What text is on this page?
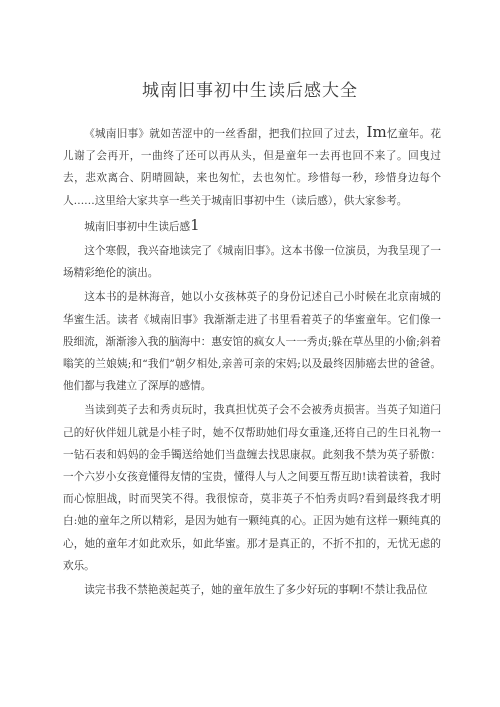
城南旧事初中生读后感大全

《城南旧事》就如苦涩中的一丝香甜，把我们拉回了过去，Im忆童年。花儿谢了会再开，一曲终了还可以再从头，但是童年一去再也回不来了。回曳过去，悲欢离合、阴晴圆缺，来也匆忙，去也匆忙。珍惜每一秒，珍惜身边每个人……这里给大家共享一些关于城南旧事初中生（读后感），供大家参考。

城南旧事初中生读后感1

这个寒假，我兴奋地读完了《城南旧事》。这本书像一位演员，为我呈现了一场精彩绝伦的演出。

这本书的是林海音，她以小女孩林英子的身份记述自己小时候在北京南城的华蜜生活。读者《城南旧事》我渐渐走进了书里看着英子的华蜜童年。它们像一股细流，渐渐渗入我的脑海中：惠安馆的疯女人一一秀贞;躲在草丛里的小偷;斜着嗡笑的兰娘姨;和“我们”朝夕相处,亲善可亲的宋妈;以及最终因肺癌去世的爸爸。他们都与我建立了深厚的感情。

当读到英子去和秀贞玩时，我真担忧英子会不会被秀贞损害。当英子知道闩己的好伙伴妞儿就是小桂子时，她不仅帮助她们母女重逢,还将自己的生日礼物一一钻石表和妈妈的金手镯送给她们当盘缠去找思康叔。此刻我不禁为英子骄傲：一个六岁小女孩竟懂得友情的宝贵，懂得人与人之间要互帮互助!读着读着，我时而心惊胆战，时而哭笑不得。我很惊奇，莫非英子不怕秀贞吗?看到最终我才明白:她的童年之所以精彩，是因为她有一颗纯真的心。正因为她有这样一颗纯真的心，她的童年才如此欢乐，如此华蜜。那才是真正的，不折不扣的，无忧无虑的欢乐。

读完书我不禁艳羡起英子，她的童年放生了多少好玩的事啊!不禁让我品位
